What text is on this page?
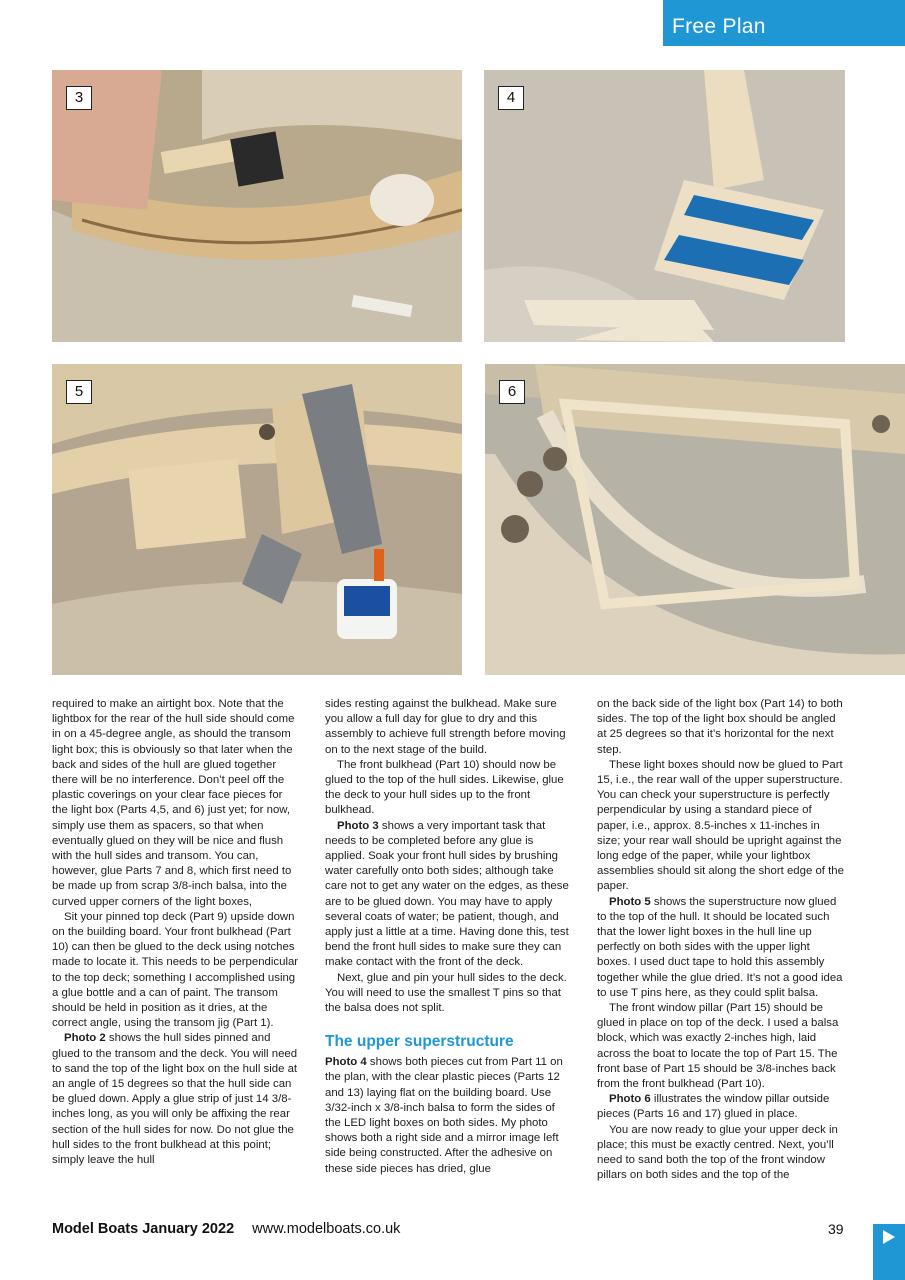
Free Plan
3	4
5	6

required to make an airtight box. Note that the lightbox for the rear of the hull side should come in on a 45-degree angle, as should the transom light box; this is obviously so that later when the back and sides of the hull are glued together there will be no interference. Don’t peel off the plastic coverings on your clear face pieces for the light box (Parts 4,5, and 6) just yet; for now, simply use them as spacers, so that when eventually glued on they will be nice and flush with the hull sides and transom. You can, however, glue Parts 7 and 8, which first need to be made up from scrap 3/8-inch balsa, into the curved upper corners of the light boxes,

Sit your pinned top deck (Part 9) upside down on the building board. Your front bulkhead (Part 10) can then be glued to the deck using notches made to locate it. This needs to be perpendicular to the top deck; something I accomplished using a glue bottle and a can of paint. The transom should be held in position as it dries, at the correct angle, using the transom jig (Part 1).

Photo 2 shows the hull sides pinned and glued to the transom and the deck. You will need to sand the top of the light box on the hull side at an angle of 15 degrees so that the hull side can be glued down. Apply a glue strip of just 14 3/8-inches long, as you will only be affixing the rear section of the hull sides for now. Do not glue the hull sides to the front bulkhead at this point; simply leave the hull

sides resting against the bulkhead. Make sure you allow a full day for glue to dry and this assembly to achieve full strength before moving on to the next stage of the build.

The front bulkhead (Part 10) should now be glued to the top of the hull sides. Likewise, glue the deck to your hull sides up to the front bulkhead.

Photo 3 shows a very important task that needs to be completed before any glue is applied. Soak your front hull sides by brushing water carefully onto both sides; although take care not to get any water on the edges, as these are to be glued down. You may have to apply several coats of water; be patient, though, and apply just a little at a time. Having done this, test bend the front hull sides to make sure they can make contact with the front of the deck.

Next, glue and pin your hull sides to the deck. You will need to use the smallest T pins so that the balsa does not split.

The upper superstructure

Photo 4 shows both pieces cut from Part 11 on the plan, with the clear plastic pieces (Parts 12 and 13) laying flat on the building board. Use 3/32-inch x 3/8-inch balsa to form the sides of the LED light boxes on both sides. My photo shows both a right side and a mirror image left side being constructed. After the adhesive on these side pieces has dried, glue

on the back side of the light box (Part 14) to both sides. The top of the light box should be angled at 25 degrees so that it’s horizontal for the next step.

These light boxes should now be glued to Part 15, i.e., the rear wall of the upper superstructure. You can check your superstructure is perfectly perpendicular by using a standard piece of paper, i.e., approx. 8.5-inches x 11-inches in size; your rear wall should be upright against the long edge of the paper, while your lightbox assemblies should sit along the short edge of the paper.

Photo 5 shows the superstructure now glued to the top of the hull. It should be located such that the lower light boxes in the hull line up perfectly on both sides with the upper light boxes. I used duct tape to hold this assembly together while the glue dried. It’s not a good idea to use T pins here, as they could split balsa.

The front window pillar (Part 15) should be glued in place on top of the deck. I used a balsa block, which was exactly 2-inches high, laid across the boat to locate the top of Part 15. The front base of Part 15 should be 3/8-inches back from the front bulkhead (Part 10).

Photo 6 illustrates the window pillar outside pieces (Parts 16 and 17) glued in place.

You are now ready to glue your upper deck in place; this must be exactly centred. Next, you’ll need to sand both the top of the front window pillars on both sides and the top of the

Model Boats January 2022 www.modelboats.co.uk	39
